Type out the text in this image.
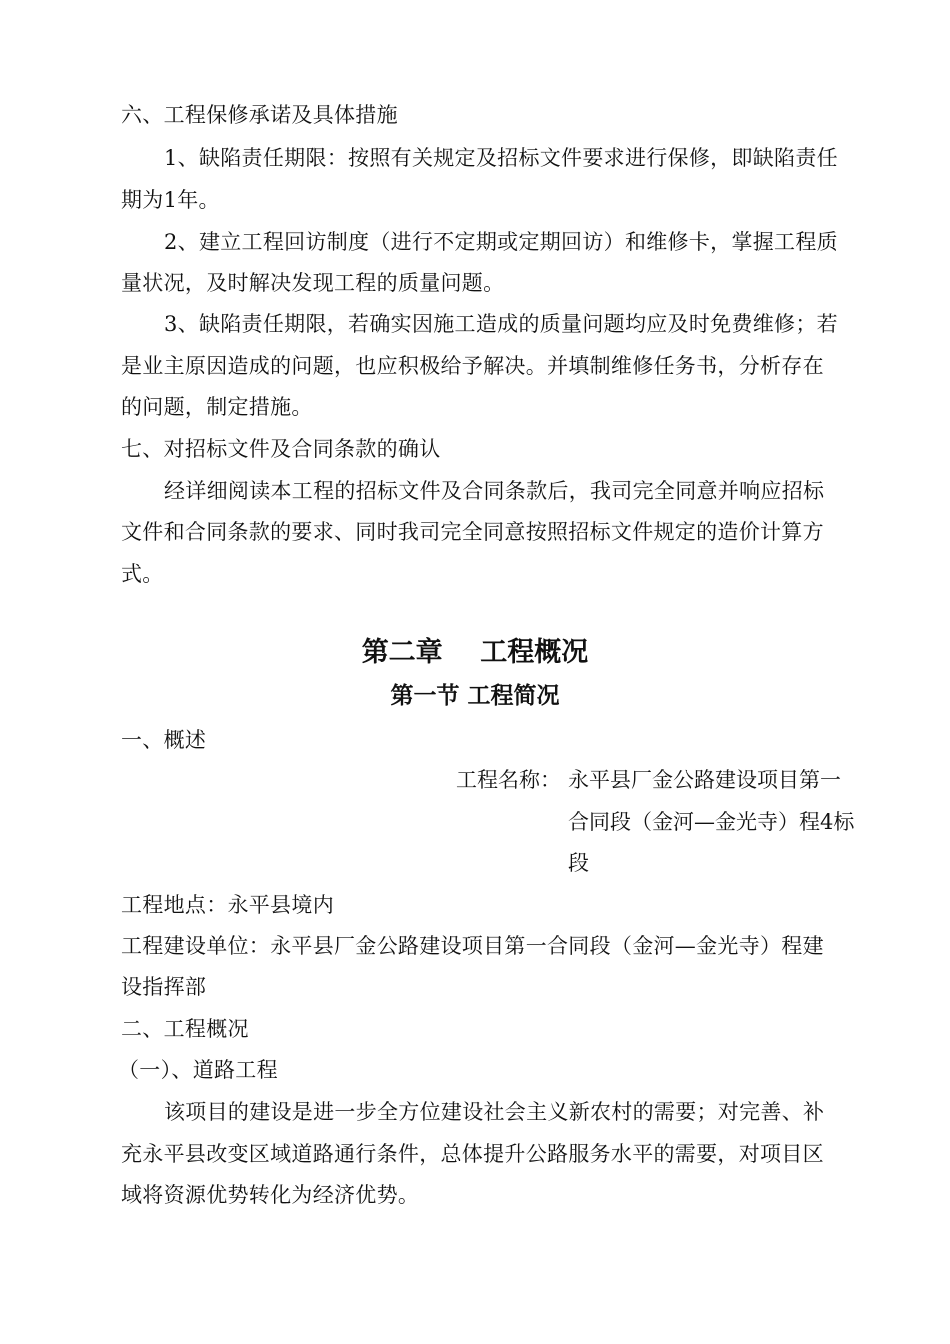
六、工程保修承诺及具体措施
1、缺陷责任期限：按照有关规定及招标文件要求进行保修，即缺陷责任
期为1年。
2、建立工程回访制度（进行不定期或定期回访）和维修卡，掌握工程质
量状况，及时解决发现工程的质量问题。
3、缺陷责任期限，若确实因施工造成的质量问题均应及时免费维修；若
是业主原因造成的问题，也应积极给予解决。并填制维修任务书，分析存在
的问题，制定措施。
七、对招标文件及合同条款的确认
经详细阅读本工程的招标文件及合同条款后，我司完全同意并响应招标
文件和合同条款的要求、同时我司完全同意按照招标文件规定的造价计算方
式。
第二章    工程概况
第一节 工程简况
一、概述
工程名称： 永平县厂金公路建设项目第一
合同段（金河—金光寺）程4标
段
工程地点：永平县境内
工程建设单位：永平县厂金公路建设项目第一合同段（金河—金光寺）程建
设指挥部
二、工程概况
（一）、道路工程
该项目的建设是进一步全方位建设社会主义新农村的需要；对完善、补
充永平县改变区域道路通行条件，总体提升公路服务水平的需要，对项目区
域将资源优势转化为经济优势。
